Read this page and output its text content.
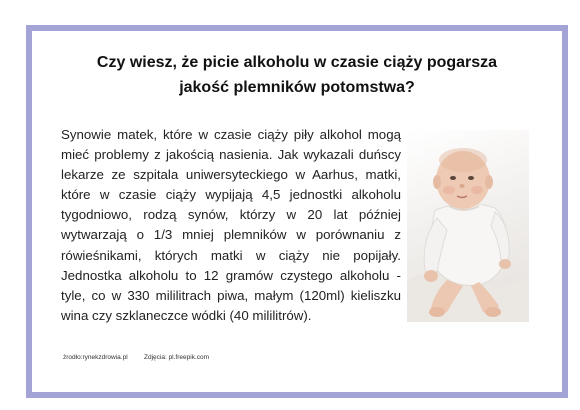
Czy wiesz, że picie alkoholu w czasie ciąży pogarsza
jakość plemników potomstwa?
Synowie matek, które w czasie ciąży piły alkohol mogą mieć problemy z jakością nasienia. Jak wykazali duńscy lekarze ze szpitala uniwersyteckiego w Aarhus, matki, które w czasie ciąży wypijają 4,5 jednostki alkoholu tygodniowo, rodzą synów, którzy w 20 lat później wytwarzają o 1/3 mniej plemników w porównaniu z rówieśnikami, których matki w ciąży nie popijały. Jednostka alkoholu to 12 gramów czystego alkoholu - tyle, co w 330 mililitrach piwa, małym (120ml) kieliszku wina czy szklaneczce wódki (40 mililitrów).
żrodło:rynekzdrowia.pl	Zdjęcia: pl.freepik.com
